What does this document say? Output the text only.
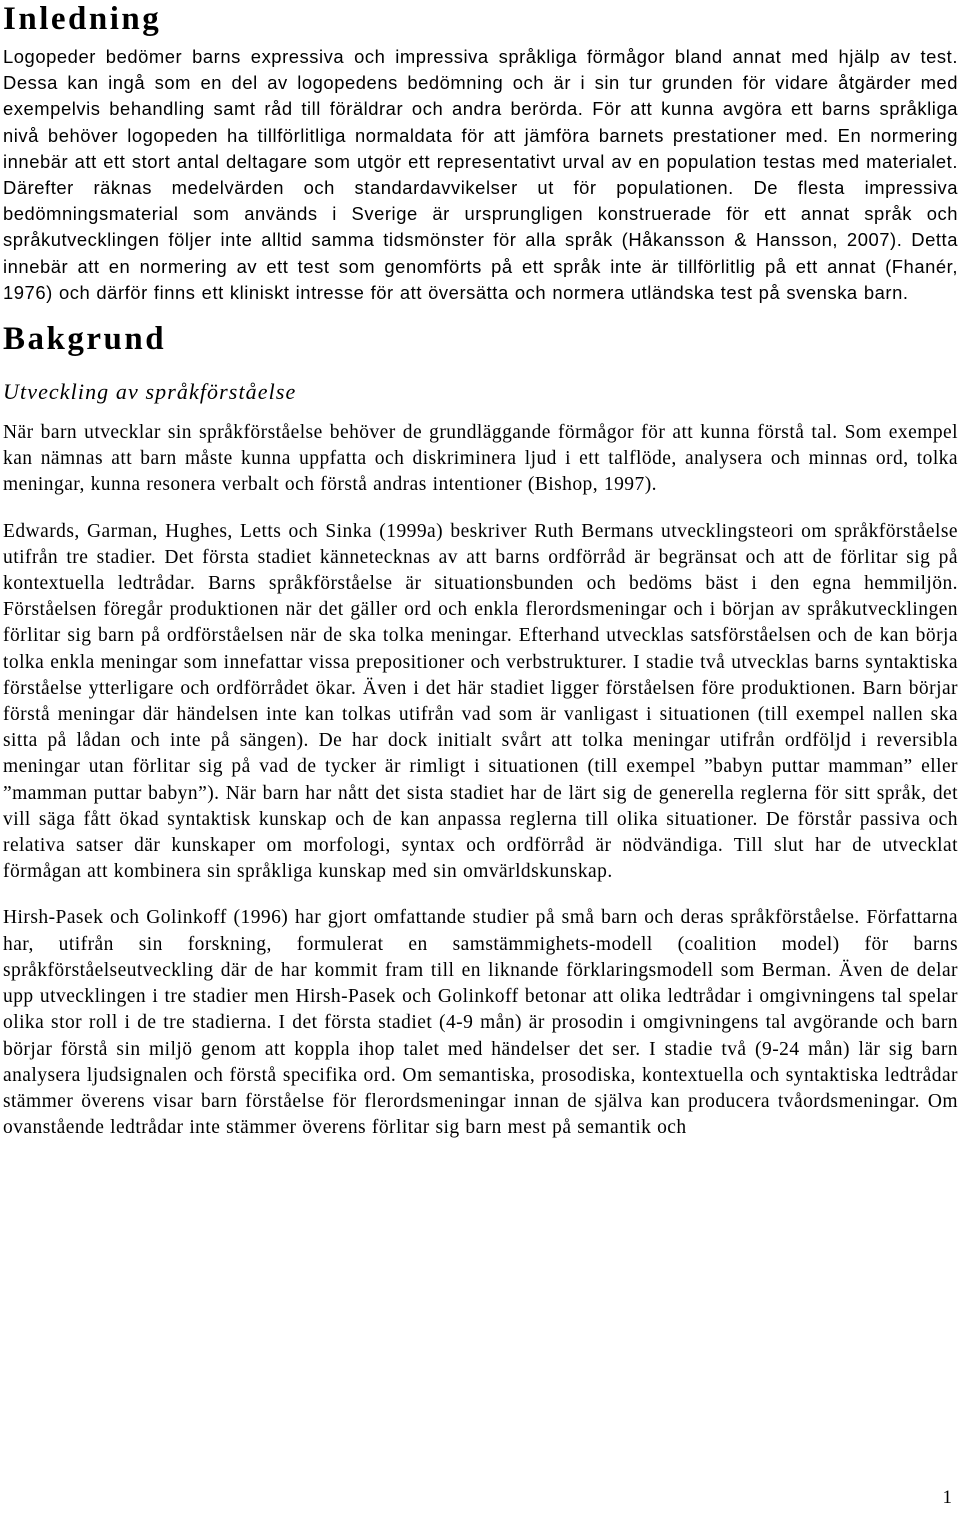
Inledning

Logopeder bedömer barns expressiva och impressiva språkliga förmågor bland annat med hjälp av test. Dessa kan ingå som en del av logopedens bedömning och är i sin tur grunden för vidare åtgärder med exempelvis behandling samt råd till föräldrar och andra berörda. För att kunna avgöra ett barns språkliga nivå behöver logopeden ha tillförlitliga normaldata för att jämföra barnets prestationer med. En normering innebär att ett stort antal deltagare som utgör ett representativt urval av en population testas med materialet. Därefter räknas medelvärden och standardavvikelser ut för populationen. De flesta impressiva bedömningsmaterial som används i Sverige är ursprungligen konstruerade för ett annat språk och språkutvecklingen följer inte alltid samma tidsmönster för alla språk (Håkansson & Hansson, 2007). Detta innebär att en normering av ett test som genomförts på ett språk inte är tillförlitlig på ett annat (Fhanér, 1976) och därför finns ett kliniskt intresse för att översätta och normera utländska test på svenska barn.

Bakgrund
Utveckling av språkförståelse

När barn utvecklar sin språkförståelse behöver de grundläggande förmågor för att kunna förstå tal. Som exempel kan nämnas att barn måste kunna uppfatta och diskriminera ljud i ett talflöde, analysera och minnas ord, tolka meningar, kunna resonera verbalt och förstå andras intentioner (Bishop, 1997).

Edwards, Garman, Hughes, Letts och Sinka (1999a) beskriver Ruth Bermans utvecklingsteori om språkförståelse utifrån tre stadier. Det första stadiet kännetecknas av att barns ordförråd är begränsat och att de förlitar sig på kontextuella ledtrådar. Barns språkförståelse är situationsbunden och bedöms bäst i den egna hemmiljön. Förståelsen föregår produktionen när det gäller ord och enkla flerordsmeningar och i början av språkutvecklingen förlitar sig barn på ordförståelsen när de ska tolka meningar. Efterhand utvecklas satsförståelsen och de kan börja tolka enkla meningar som innefattar vissa prepositioner och verbstrukturer. I stadie två utvecklas barns syntaktiska förståelse ytterligare och ordförrådet ökar. Även i det här stadiet ligger förståelsen före produktionen. Barn börjar förstå meningar där händelsen inte kan tolkas utifrån vad som är vanligast i situationen (till exempel nallen ska sitta på lådan och inte på sängen). De har dock initialt svårt att tolka meningar utifrån ordföljd i reversibla meningar utan förlitar sig på vad de tycker är rimligt i situationen (till exempel ”babyn puttar mamman” eller ”mamman puttar babyn”). När barn har nått det sista stadiet har de lärt sig de generella reglerna för sitt språk, det vill säga fått ökad syntaktisk kunskap och de kan anpassa reglerna till olika situationer. De förstår passiva och relativa satser där kunskaper om morfologi, syntax och ordförråd är nödvändiga. Till slut har de utvecklat förmågan att kombinera sin språkliga kunskap med sin omvärldskunskap.

Hirsh-Pasek och Golinkoff (1996) har gjort omfattande studier på små barn och deras språkförståelse. Författarna har, utifrån sin forskning, formulerat en samstämmighets-modell (coalition model) för barns språkförståelseutveckling där de har kommit fram till en liknande förklaringsmodell som Berman. Även de delar upp utvecklingen i tre stadier men Hirsh-Pasek och Golinkoff betonar att olika ledtrådar i omgivningens tal spelar olika stor roll i de tre stadierna. I det första stadiet (4-9 mån) är prosodin i omgivningens tal avgörande och barn börjar förstå sin miljö genom att koppla ihop talet med händelser det ser. I stadie två (9-24 mån) lär sig barn analysera ljudsignalen och förstå specifika ord. Om semantiska, prosodiska, kontextuella och syntaktiska ledtrådar stämmer överens visar barn förståelse för flerordsmeningar innan de själva kan producera tvåordsmeningar. Om ovanstående ledtrådar inte stämmer överens förlitar sig barn mest på semantik och

1
